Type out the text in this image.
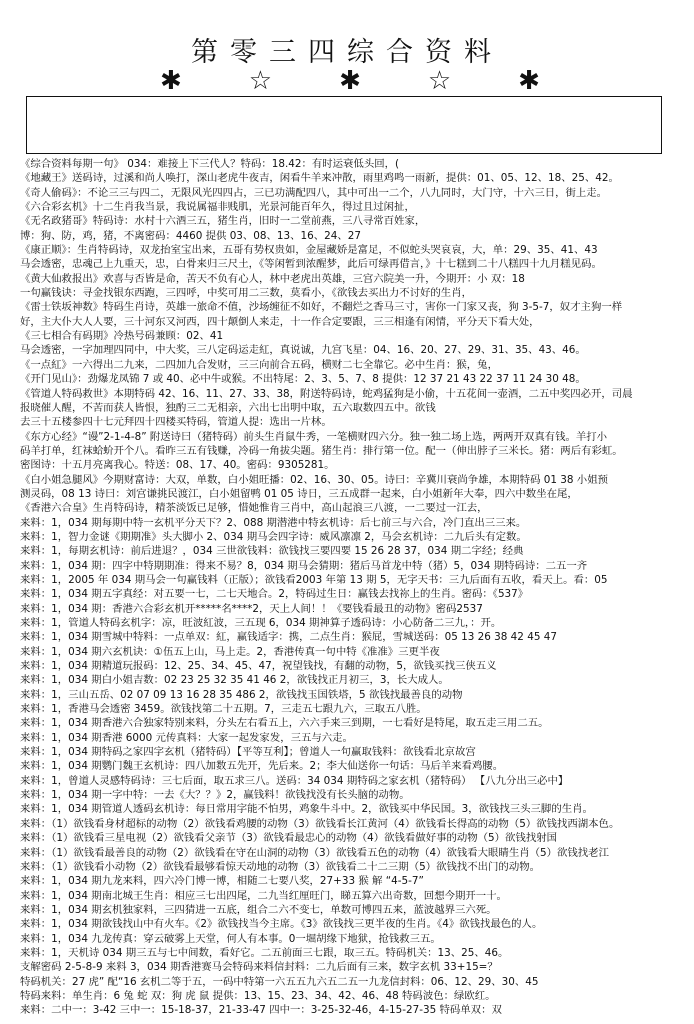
第零三四综合资料
✱	☆	✱	☆	✱
《综合资料每期一句》 034：难接上下三代人？特码：18.42：有时运衰低头回，(
《地藏王》送码诗，过溪和尚人唤打，深山老虎牛夜吉，闲看牛羊来冲散，雨里鸡鸣一雨新，提供：01、05、12、18、25、42。
《奇人偷码》：不论三三与四二，无限风光四四占，三已功满配四八，其中可出一二个，八九同时，大门守，十六三日，街上走。
《六合彩玄机》十二生肖我当景，我说属福非贱肌，光景河能百年久，得过且过闲扯，
《无名政猪哥》特码诗：水村十六酒三五，猪生肖，旧时一二堂前燕，三八寻常百姓家，
博：狗、防，鸡，猪，不离密码：4460 提供 03、08、13、16、24、27
《康正顺》：生肖特码诗，双龙抬室宝出来，五哥有势权贵如，金屋藏娇是富足，不似蛇头哭哀哀，大，单：29、35、41、43
马会透密，忠魂己上九重天，忠，白骨来归三尺土，《等闲暂到浓醒梦，此后可绿再借言，》十七糕到二十八糕四十九月糕见码。
《黄大仙救报出》欢喜与否皆是命，苦天不负有心人，林中老虎出英雄，三宫六院美一升，今期开：小 双：18
一句赢钱诀：寻金找银东西跑，三四呼，中奖可用二三数，莫看小，《欲钱去买出力不讨好的生肖，
《雷士铁坂神数》特码生肖诗，英雄一旅命不值，沙场缠征不如好，不翻烂之香马三寸，害你一门家又丧，狗 3-5-7，奴才主狗一样
好，主大仆大人人要，三十河东又河西，四十颠倒人来走，十一作合定要跟，三三相逢有闲情，平分天下看大处，
《三七相合有码期》冷热号码兼顾：02、41
马会透密，一字加理四同中，中大奖，三八定码运走紅，真说诚，九宫飞星：04、16、20、27、29、31、35、43、46。
《一点紅》一六得出二九来，二四加九合发财，三三向前合五码，横财二七全靠它。必中生肖：猴，兔，
《开门见山》：劲爆龙凤锦 7 或 40、必中牛或猴。不出特尾：2、3、5、7、8 提供：12 37 21 43 22 37 11 24 30 48。
《管道人特码救世》本期特码 42、16、11、27、33、38，附送特码诗，蛇鸡猛狗是小偷，十五花间一壶酒，二五中奖四必开，司晨
报晓催人醒，不苦而获人皆恨，独酌三二无相亲，六出七出明中取，五六取数四五中。欲钱
去三十五楼参四十七元拜四十四楼买特码，管道人提：选出一片林。
《东方心经》“谩”2-1-4-8” 附送诗曰（猪特码）前头生肖鼠牛秀，一笔横财四六分。独一独二场上选，两两开双真有钱。羊打小
码羊打单，红袜蛤蚧开个八。看昨三五有钱赚，冷码一角拔尖题。猪生肖：排行第一位。配一（伸出脖子三米长。猪：两后有彩虹。
密图诗：十五月亮离我心。特送：08、17、40。密码：9305281。
《白小姐急腿风》今期财富诗：大双，单数，白小姐旺播：02、16、30、05。诗曰：辛冀川衰尚争雄，本期特码 01 38 小姐预
测灵码，08 13 诗曰：刘宫谦挑民渡江，白小姐留鸭 01 05 诗日，三五成群一起来，白小姐新年大奉，四六中数坐在尾，
《香港六合皇》生肖特码诗，精茶淡饭已足够，惜她惟肯三肖中，高山起浪三八渡，一二要过一江去，
来料：1，034 期每期中特一玄机平分天下？2、088 期潜港中特玄机诗：后七前三与六合，冷门直出三三来。
来料：1，智力金谜《期期准》头大脚小 2、034 期马会四字诗：威风凛凛 2，马会玄机诗：二九后头有定数。
来料：1，每期玄机诗：前后进退？，034 三世欲钱料：欲钱找三要四要 15 26 28 37，034 期二字经；经典
来料：1，034 期：四字中特期期准：得来不易？8，034 期马会猜期：猪后马首龙中特（猪）5，034 期特码诗：二五一齐
来料：1，2005 年 034 期马会一句赢钱料（正版）；欲钱看2003 年第 13 期 5，无字天书：三九后面有五收，看天上。看：05
来料：1，034 期五字真经：对五要一七，二七天地合。2，特码过生日：赢钱去找祢上的生肖。密码：《537》
来料：1，034 期：香港六合彩玄机开*****名****2，天上人间！！《要钱看最丑的动物》密码2537
来料：1，管道人特码玄机字：凉，旺波紅波，三五现 6，034 期神算子透码诗：小心防备二三九，：开。
来料：1，034 期雪城中特料：一点单双：紅，赢钱适字：携，二点生肖：猴屁，雪城送码：05 13 26 38 42 45 47
来料：1，034 期六玄机诀：①伍五上山，马上走。2，香港传真一句中特《准准》三更半夜
来料：1，034 期精道玩报码：12、25、34、45、47，祝望钱找，有翻的动物，5，欲钱买找三侠五义
来料：1，034 期白小姐吉数：02 23 25 32 35 41 46 2，欲钱找正月初三，3，长大成人。
来料：1，三山五岳、02 07 09 13 16 28 35 486 2，欲钱找玉国铁塔，5 欲钱找最善良的动物
来料：1，香港马会透密 3459。欲钱找第二十五期。7，三走五七跟九六，三取五八胜。
来料：1，034 期香港六合独家特别来料，分头左右看五上，六六手来三到期，一七看好是特尾，取五走三用二五。
来料：1，034 期香港 6000 元传真料：大家一起发家发，三五与六走。
来料：1，034 期特码之家四字玄机（猪特码）【平等互利】；曾道人一句赢取钱料：欲钱看北京故宫
来料：1，034 期鹦门魏王玄机诗：四八加数五先开，先后来。2；李大仙送你一句话：马后羊来看鸡腰。
来料：1，曾道人灵感特码诗：三七后面，取五求三八。送码：34 034 期特码之家玄机（猪特码） 【八九分出三必中】
来料：1，034 期一字中特：一去《大？？》2，赢钱料！欲钱找没有长头脑的动物。
来料：1，034 期管道人透码玄机诗：每日常用字能不怕男，鸡象牛斗中。2，欲钱买中华民国。3，欲钱找三头三脚的生肖。
来料：（1）欲钱看身材超标的动物（2）欲钱看鸡腰的动物（3）欲钱看长江黄河（4）欲钱看长得高的动物（5）欲钱找西湖本色。
来料：（1）欲钱看三星电视（2）欲钱看父亲节（3）欲钱看最忠心的动物（4）欲钱看做好事的动物（5）欲钱找射国
来料：（1）欲钱看最善良的动物（2）欲钱看在守在山洞的动物（3）欲钱看五色的动物（4）欲钱看大眼睛生肖（5）欲钱找老江
来料：（1）欲钱看小动物（2）欲钱看最够看惊天动地的动物（3）欲钱看二十二三期（5）欲钱找不出门的动物。
来料：1，034 期九龙来料，四六冷门博一博，相随二七要八奖，27+33 猴 解 “4-5-7”
来料：1，034 期南北城王生肖：相应三七出四尾，二九当红厘旺门，睇五算六出奇数，回想今期开一十。
来料：1，034 期玄机独家料，三四猜进一五底，组合二六不变七，单数可博四五来，蓝波越界三六死。
来料：1，034 期欲钱找山中有火车。《2》欲钱找当今主席。《3》欲钱找三更半夜的生肖。《4》欲钱找最色的人。
来料：1，034 九龙传真：穿云破雾上天堂，何人有本事。0一堀胡缘下地狱，抢钱救三五。
来料：1，天机诗 034 期三五与七中间数，看好它。二五前面三七跟，取三五。特码机关：13、25、46。
支解密码 2-5-8-9 来料 3，034 期香港赛马会特码来料信封料：二九后面有三来，数字玄机 33+15=？
特码机关：27 虎” 配“16 玄机二等于五，一码中特第一六五五九六五二五一九龙信封料：06、12、29、30、45
特码来料：单生肖：6 兔 蛇 双：狗 虎 鼠 提供：13、15、23、34、42、46、48 特码波色：绿欧红。
来料：二中一：3-42 三中一：15-18-37，21-33-47 四中一：3-25-32-46，4-15-27-35 特码单双：双
